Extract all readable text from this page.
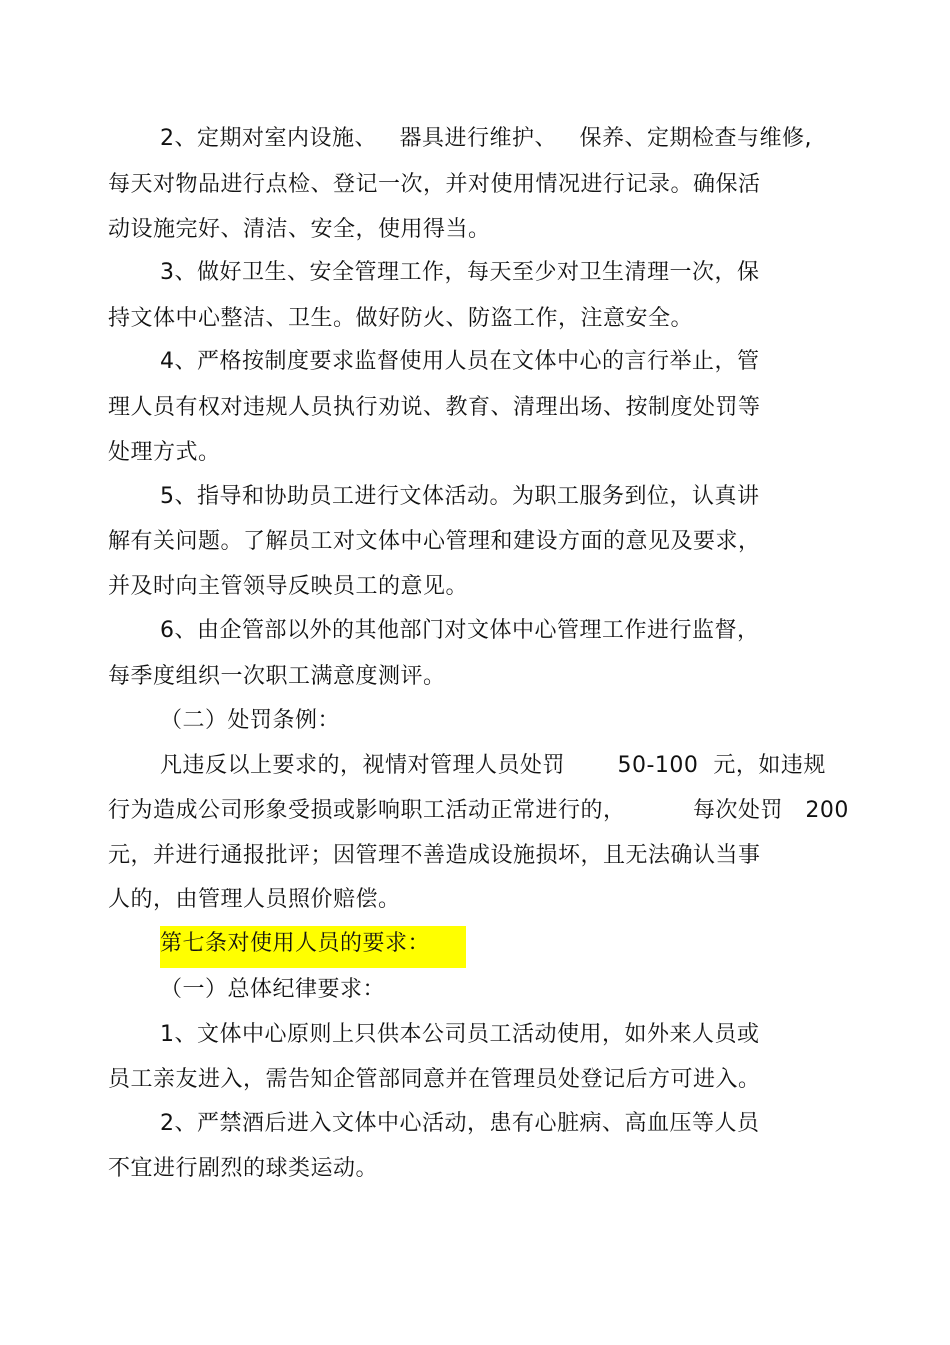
2、定期对室内设施、   器具进行维护、   保养、定期检查与维修,
每天对物品进行点检、登记一次，并对使用情况进行记录。确保活
动设施完好、清洁、安全，使用得当。
3、做好卫生、安全管理工作，每天至少对卫生清理一次，保
持文体中心整洁、卫生。做好防火、防盗工作，注意安全。
4、严格按制度要求监督使用人员在文体中心的言行举止，管
理人员有权对违规人员执行劝说、教育、清理出场、按制度处罚等
处理方式。
5、指导和协助员工进行文体活动。为职工服务到位，认真讲
解有关问题。了解员工对文体中心管理和建设方面的意见及要求，
并及时向主管领导反映员工的意见。
6、由企管部以外的其他部门对文体中心管理工作进行监督，
每季度组织一次职工满意度测评。
（二）处罚条例：
凡违反以上要求的，视情对管理人员处罚       50-100  元，如违规
行为造成公司形象受损或影响职工活动正常进行的，         每次处罚   200
元，并进行通报批评；因管理不善造成设施损坏，且无法确认当事
人的，由管理人员照价赔偿。
第七条对使用人员的要求：
（一）总体纪律要求：
1、文体中心原则上只供本公司员工活动使用，如外来人员或
员工亲友进入，需告知企管部同意并在管理员处登记后方可进入。
2、严禁酒后进入文体中心活动，患有心脏病、高血压等人员
不宜进行剧烈的球类运动。
